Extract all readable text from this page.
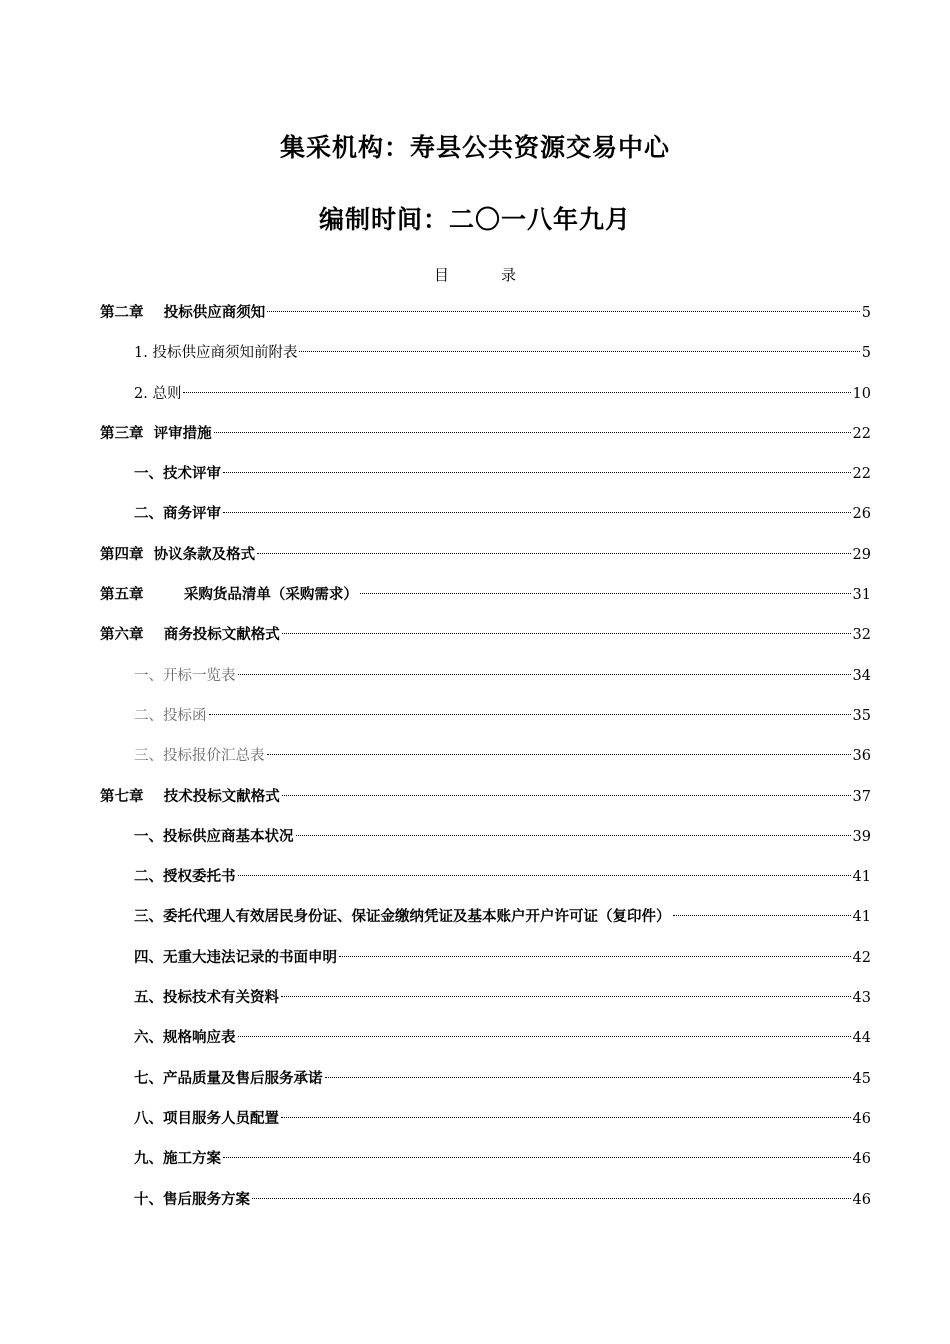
集采机构：寿县公共资源交易中心
编制时间：二〇一八年九月
目	录
第二章    投标供应商须知	5
1. 投标供应商须知前附表	5
2. 总则	10
第三章  评审措施	22
一、技术评审	22
二、商务评审	26
第四章  协议条款及格式	29
第五章        采购货品清单（采购需求）	31
第六章    商务投标文献格式	32
一、开标一览表	34
二、投标函	35
三、投标报价汇总表	36
第七章    技术投标文献格式	37
一、投标供应商基本状况	39
二、授权委托书	41
三、委托代理人有效居民身份证、保证金缴纳凭证及基本账户开户许可证（复印件）	41
四、无重大违法记录的书面申明	42
五、投标技术有关资料	43
六、规格响应表	44
七、产品质量及售后服务承诺	45
八、项目服务人员配置	46
九、施工方案	46
十、售后服务方案	46
